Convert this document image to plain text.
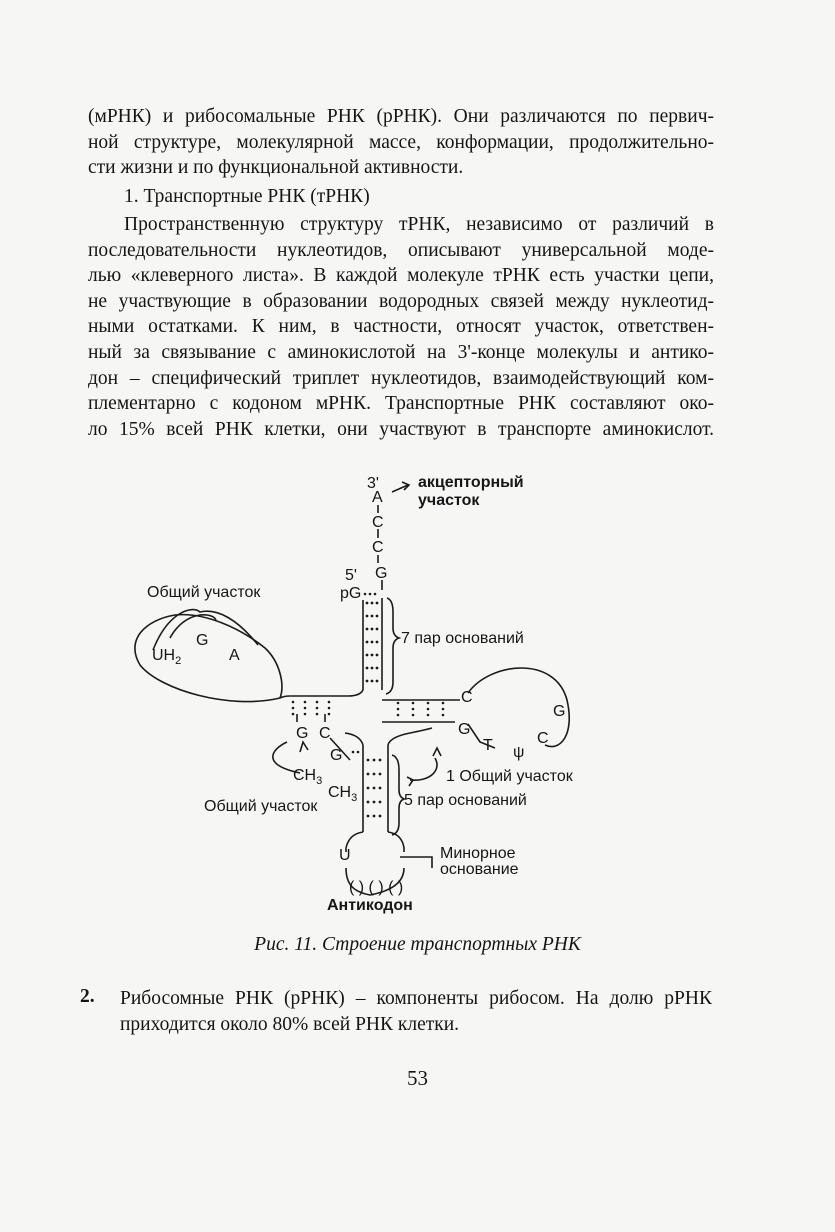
(мРНК) и рибосомальные РНК (рРНК). Они различаются по первич-
ной структуре, молекулярной массе, конформации, продолжительно-
сти жизни и по функциональной активности.
1. Транспортные РНК (тРНК)
Пространственную структуру тРНК, независимо от различий в
последовательности нуклеотидов, описывают универсальной моде-
лью «клеверного листа». В каждой молекуле тРНК есть участки цепи,
не участвующие в образовании водородных связей между нуклеотид-
ными остатками. К ним, в частности, относят участок, ответствен-
ный за связывание с аминокислотой на 3'-конце молекулы и антико-
дон – специфический триплет нуклеотидов, взаимодействующий ком-
плементарно с кодоном мРНК. Транспортные РНК составляют око-
ло 15% всей РНК клетки, они участвуют в транспорте аминокислот.
3' акцепторный
участок
A
C
C
5' G
pG
Общий участок
7 пар оснований
$UH_2$
G
A
G C
C
G
G
T ψ
C
G
$CH_3$
$CH_3$
1 Общий участок
Общий участок	5 пар оснований
U	Минорное
основание
( ) ( ) ( )
Антикодон
Рис. 11. Строение транспортных РНК
2. Рибосомные РНК (рРНК) – компоненты рибосом. На долю рРНК
приходится около 80% всей РНК клетки.
53
